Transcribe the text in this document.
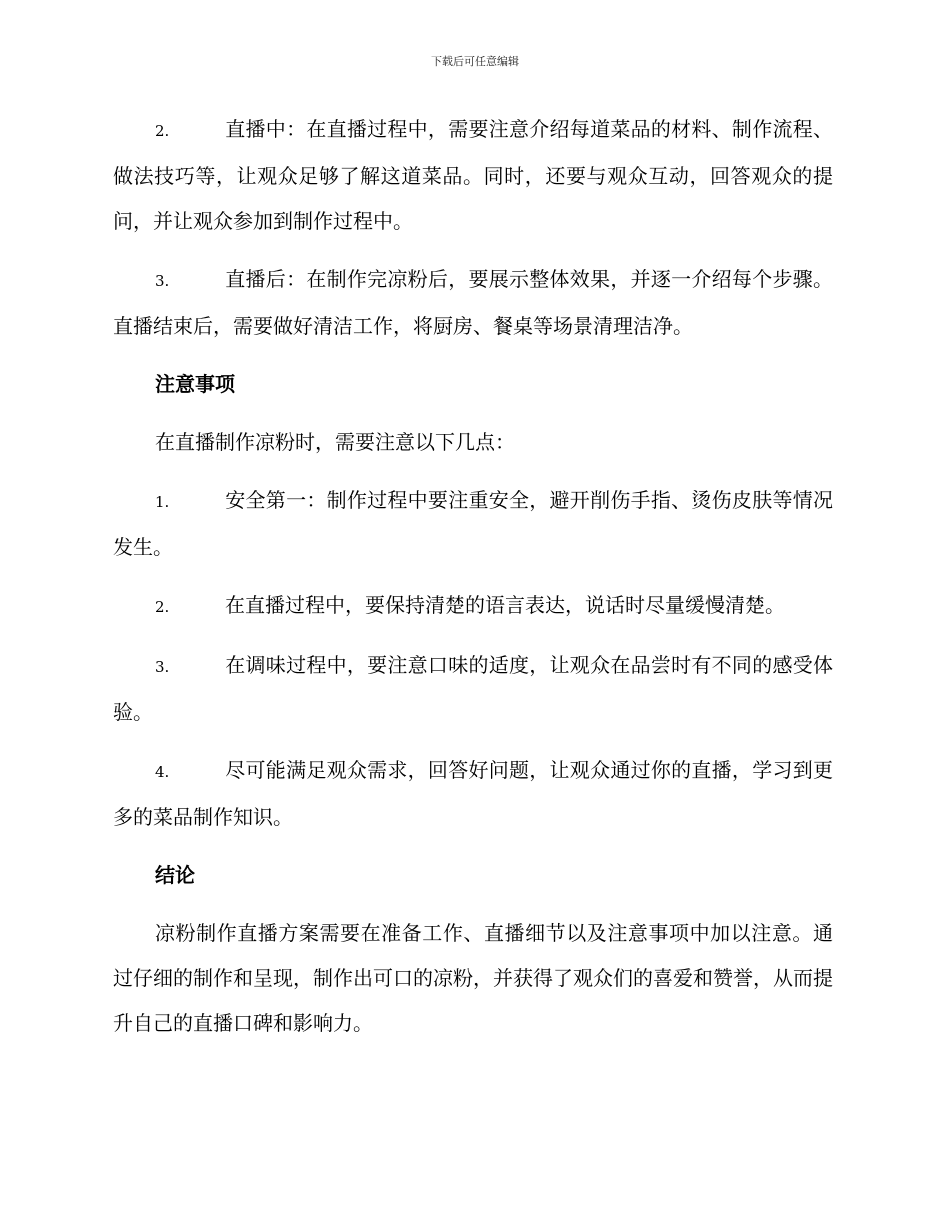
下载后可任意编辑

2.	直播中：在直播过程中，需要注意介绍每道菜品的材料、制作流程、做法技巧等，让观众足够了解这道菜品。同时，还要与观众互动，回答观众的提问，并让观众参加到制作过程中。

3.	直播后：在制作完凉粉后，要展示整体效果，并逐一介绍每个步骤。直播结束后，需要做好清洁工作，将厨房、餐桌等场景清理洁净。

注意事项

在直播制作凉粉时，需要注意以下几点：

1.	安全第一：制作过程中要注重安全，避开削伤手指、烫伤皮肤等情况发生。

2.	在直播过程中，要保持清楚的语言表达，说话时尽量缓慢清楚。

3.	在调味过程中，要注意口味的适度，让观众在品尝时有不同的感受体验。

4.	尽可能满足观众需求，回答好问题，让观众通过你的直播，学习到更多的菜品制作知识。

结论

凉粉制作直播方案需要在准备工作、直播细节以及注意事项中加以注意。通过仔细的制作和呈现，制作出可口的凉粉，并获得了观众们的喜爱和赞誉，从而提升自己的直播口碑和影响力。
